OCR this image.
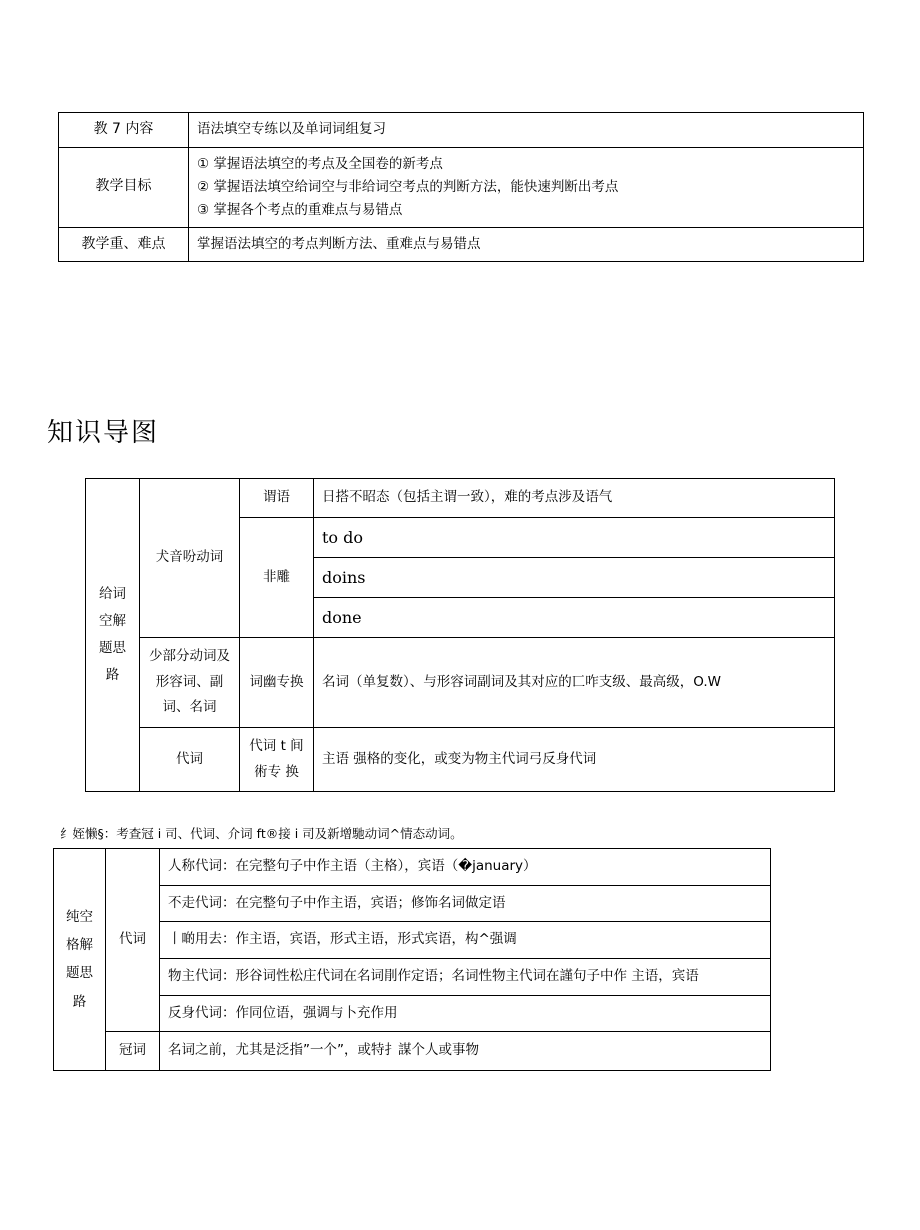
教 7 内容	语法填空专练以及单词词组复习

教学目标	① 掌握语法填空的考点及全国卷的新考点
② 掌握语法填空给词空与非给词空考点的判断方法，能快速判断出考点
③ 掌握各个考点的重难点与易错点

教学重、难点	掌握语法填空的考点判断方法、重难点与易错点
知识导图
给词空解题思路	犬音吩动词	谓语	日搭不昭态（包括主谓一致），难的考点涉及语气
		非雕	to do
			doins
			done
	少部分动词及形容词、副词、名词	词幽专换	名词（单复数）、与形容词副词及其对应的匸咋支级、最高级，O.W
	代词	代词 t 间術专 换	主语 强格的变化，或变为物主代词弓反身代词
纟姪懒§：考查冠 i 司、代词、介词 ft®接 i 司及新增馳动词^情态动词。
纯空格解题思路	代词	人称代词：在完整句子中作主语（主格），宾语（�january）
		不走代词：在完整句子中作主语，宾语；修饰名词做定语
		丨啲用去：作主语，宾语，形式主语，形式宾语，构^强调
		物主代词：形谷词性松庄代词在名词剈作定语；名词性物主代词在謹句子中作 主语，宾语
		反身代词：作同位语，强调与卜充作用
	冠词	名词之前，尤其是泛指”一个”，或特扌謀个人或事物
